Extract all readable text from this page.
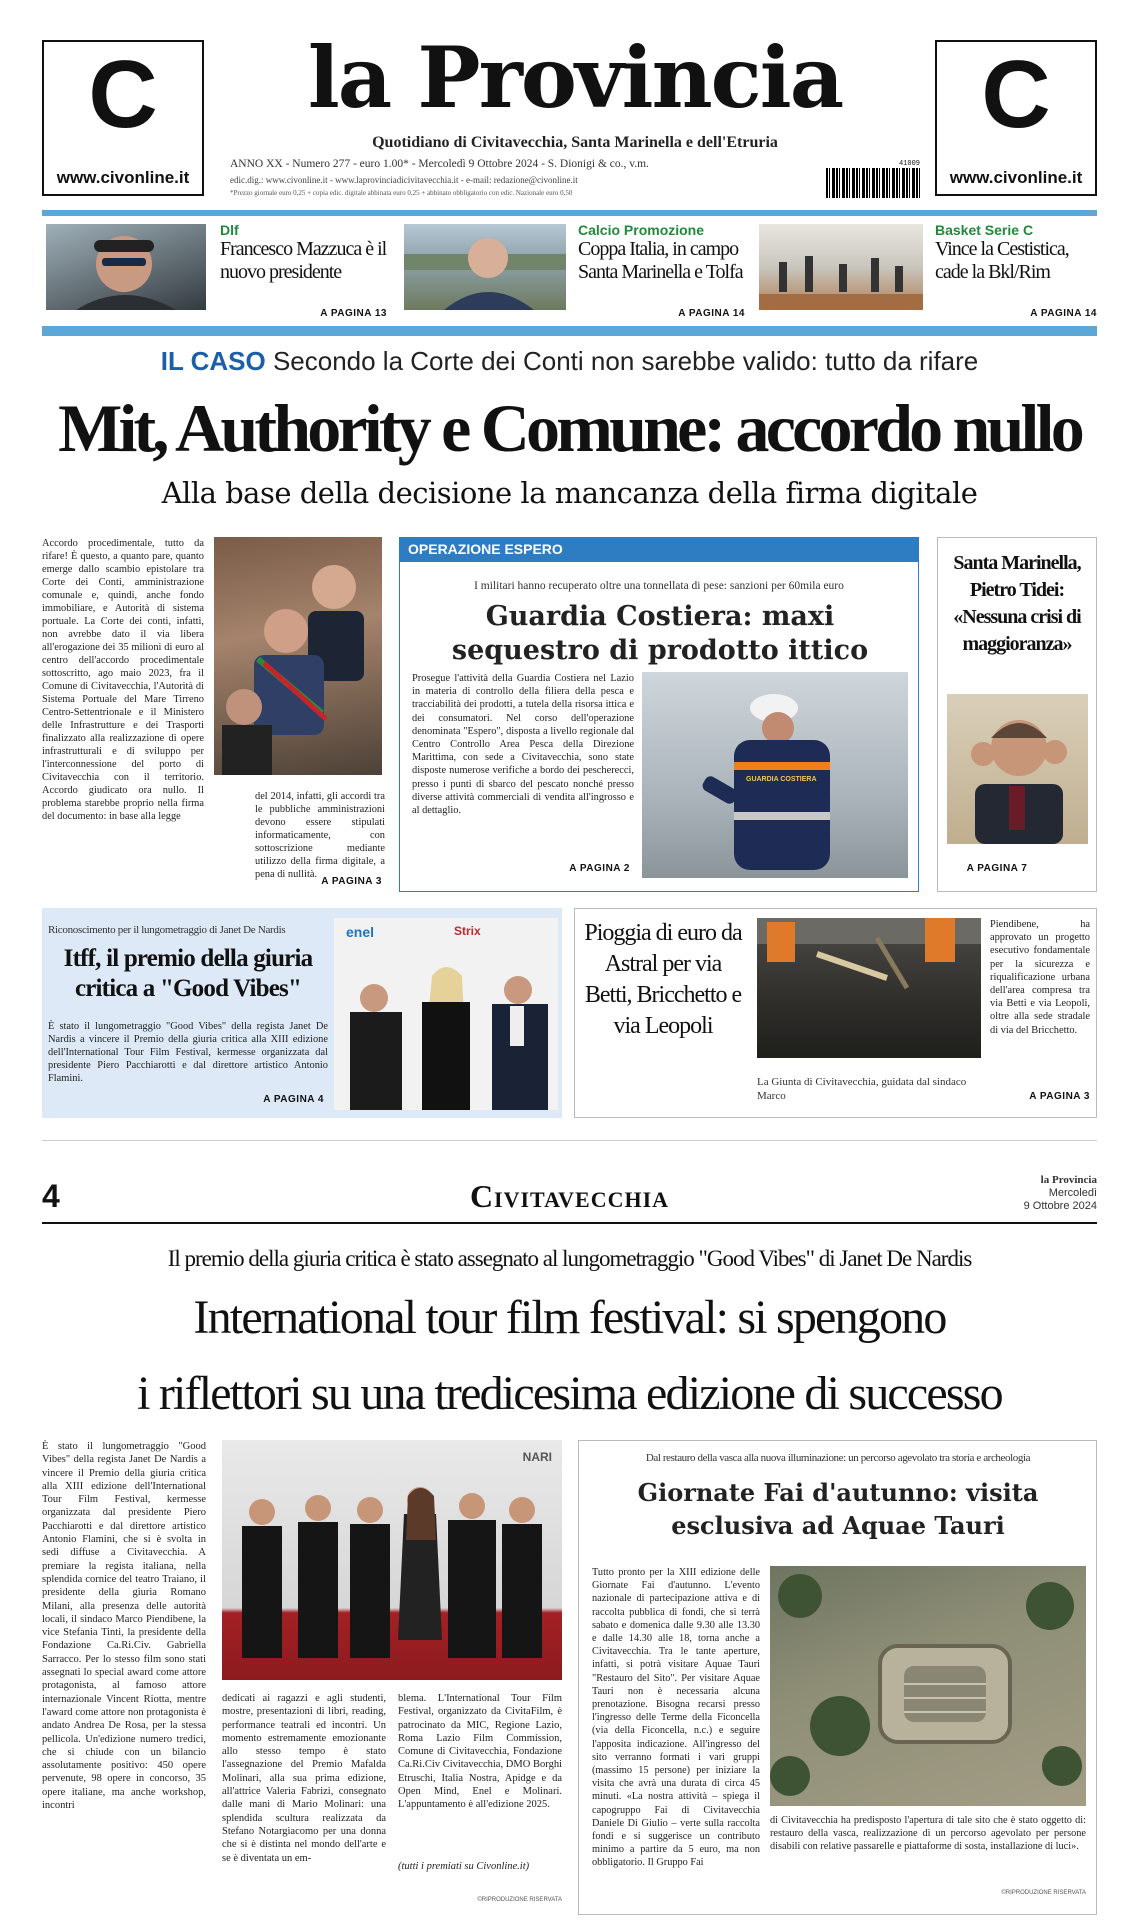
C
www.civonline.it
C
www.civonline.it
la Provincia
Quotidiano di Civitavecchia, Santa Marinella e dell'Etruria
ANNO XX - Numero 277 - euro 1.00* - Mercoledì 9 Ottobre 2024 - S. Dionigi & co., v.m.
edic.dig.: www.civonline.it - www.laprovinciadicivitavecchia.it - e-mail: redazione@civonline.it
*Prezzo giornale euro 0,25 + copia edic. digitale abbinata euro 0,25 + abbinato obbligatorio con edic. Nazionale euro 0,50
41009
Dlf
Francesco Mazzuca è il nuovo presidente
A PAGINA 13
Calcio Promozione
Coppa Italia, in campo Santa Marinella e Tolfa
A PAGINA 14
Basket Serie C
Vince la Cestistica, cade la Bkl/Rim
A PAGINA 14
IL CASO Secondo la Corte dei Conti non sarebbe valido: tutto da rifare
Mit, Authority e Comune: accordo nullo
Alla base della decisione la mancanza della firma digitale
Accordo procedimentale, tutto da rifare! È questo, a quanto pare, quanto emerge dallo scambio epistolare tra Corte dei Conti, amministrazione comunale e, quindi, anche fondo immobiliare, e Autorità di sistema portuale. La Corte dei conti, infatti, non avrebbe dato il via libera all'erogazione dei 35 milioni di euro al centro dell'accordo procedimentale sottoscritto, ago maio 2023, fra il Comune di Civitavecchia, l'Autorità di Sistema Portuale del Mare Tirreno Centro-Settentrionale e il Ministero delle Infrastrutture e dei Trasporti finalizzato alla realizzazione di opere infrastrutturali e di sviluppo per l'interconnessione del porto di Civitavecchia con il territorio. Accordo giudicato ora nullo. Il problema starebbe proprio nella firma del documento: in base alla legge
del 2014, infatti, gli accordi tra le pubbliche amministrazioni devono essere stipulati informaticamente, con sottoscrizione mediante utilizzo della firma digitale, a pena di nullità.
A PAGINA 3
OPERAZIONE ESPERO
I militari hanno recuperato oltre una tonnellata di pese: sanzioni per 60mila euro
Guardia Costiera: maxi sequestro di prodotto ittico
Prosegue l'attività della Guardia Costiera nel Lazio in materia di controllo della filiera della pesca e tracciabilità dei prodotti, a tutela della risorsa ittica e dei consumatori. Nel corso dell'operazione denominata "Espero", disposta a livello regionale dal Centro Controllo Area Pesca della Direzione Marittima, con sede a Civitavecchia, sono state disposte numerose verifiche a bordo dei pescherecci, presso i punti di sbarco del pescato nonché presso diverse attività commerciali di vendita all'ingrosso e al dettaglio.
GUARDIA COSTIERA
A PAGINA 2
Santa Marinella, Pietro Tidei: «Nessuna crisi di maggioranza»
A PAGINA 7
Riconoscimento per il lungometraggio di Janet De Nardis
Itff, il premio della giuria critica a "Good Vibes"
È stato il lungometraggio "Good Vibes" della regista Janet De Nardis a vincere il Premio della giuria critica alla XIII edizione dell'International Tour Film Festival, kermesse organizzata dal presidente Piero Pacchiarotti e dal direttore artistico Antonio Flamini.
A PAGINA 4
enel	Strix	Pioggia di euro da Astral per via Betti, Bricchetto e via Leopoli
La Giunta di Civitavecchia, guidata dal sindaco Marco
Piendibene, ha approvato un progetto esecutivo fondamentale per la sicurezza e riqualificazione urbana dell'area compresa tra via Betti e via Leopoli, oltre alla sede stradale di via del Bricchetto.
A PAGINA 3
4	Civitavecchia	la Provincia
Mercoledì
9 Ottobre 2024
Il premio della giuria critica è stato assegnato al lungometraggio "Good Vibes" di Janet De Nardis
International tour film festival: si spengono
i riflettori su una tredicesima edizione di successo
È stato il lungometraggio "Good Vibes" della regista Janet De Nardis a vincere il Premio della giuria critica alla XIII edizione dell'International Tour Film Festival, kermesse organizzata dal presidente Piero Pacchiarotti e dal direttore artistico Antonio Flamini, che si è svolta in sedi diffuse a Civitavecchia. A premiare la regista italiana, nella splendida cornice del teatro Traiano, il presidente della giuria Romano Milani, alla presenza delle autorità locali, il sindaco Marco Piendibene, la vice Stefania Tinti, la presidente della Fondazione Ca.Ri.Civ. Gabriella Sarracco. Per lo stesso film sono stati assegnati lo special award come attore protagonista, al famoso attore internazionale Vincent Riotta, mentre l'award come attore non protagonista è andato Andrea De Rosa, per la stessa pellicola. Un'edizione numero tredici, che si chiude con un bilancio assolutamente positivo: 450 opere pervenute, 98 opere in concorso, 35 opere italiane, ma anche workshop, incontri
NARI
dedicati ai ragazzi e agli studenti, mostre, presentazioni di libri, reading, performance teatrali ed incontri. Un momento estremamente emozionante allo stesso tempo è stato l'assegnazione del Premio Mafalda Molinari, alla sua prima edizione, all'attrice Valeria Fabrizi, consegnato dalle mani di Mario Molinari: una splendida scultura realizzata da Stefano Notargiacomo per una donna che si è distinta nel mondo dell'arte e se è diventata un em-
blema. L'International Tour Film Festival, organizzato da CivitaFilm, è patrocinato da MIC, Regione Lazio, Roma Lazio Film Commission, Comune di Civitavecchia, Fondazione Ca.Ri.Civ Civitavecchia, DMO Borghi Etruschi, Italia Nostra, Apidge e da Open Mind, Enel e Molinari. L'appuntamento è all'edizione 2025.
(tutti i premiati su Civonline.it)
©RIPRODUZIONE RISERVATA
Dal restauro della vasca alla nuova illuminazione: un percorso agevolato tra storia e archeologia
Giornate Fai d'autunno: visita esclusiva ad Aquae Tauri
Tutto pronto per la XIII edizione delle Giornate Fai d'autunno. L'evento nazionale di partecipazione attiva e di raccolta pubblica di fondi, che si terrà sabato e domenica dalle 9.30 alle 13.30 e dalle 14.30 alle 18, torna anche a Civitavecchia. Tra le tante aperture, infatti, si potrà visitare Aquae Tauri "Restauro del Sito". Per visitare Aquae Tauri non è necessaria alcuna prenotazione. Bisogna recarsi presso l'ingresso delle Terme della Ficoncella (via della Ficoncella, n.c.) e seguire l'apposita indicazione. All'ingresso del sito verranno formati i vari gruppi (massimo 15 persone) per iniziare la visita che avrà una durata di circa 45 minuti. «La nostra attività – spiega il capogruppo Fai di Civitavecchia Daniele Di Giulio – verte sulla raccolta fondi e si suggerisce un contributo minimo a partire da 5 euro, ma non obbligatorio. Il Gruppo Fai
di Civitavecchia ha predisposto l'apertura di tale sito che è stato oggetto di: restauro della vasca, realizzazione di un percorso agevolato per persone disabili con relative passarelle e piattaforme di sosta, installazione di luci».
©RIPRODUZIONE RISERVATA
